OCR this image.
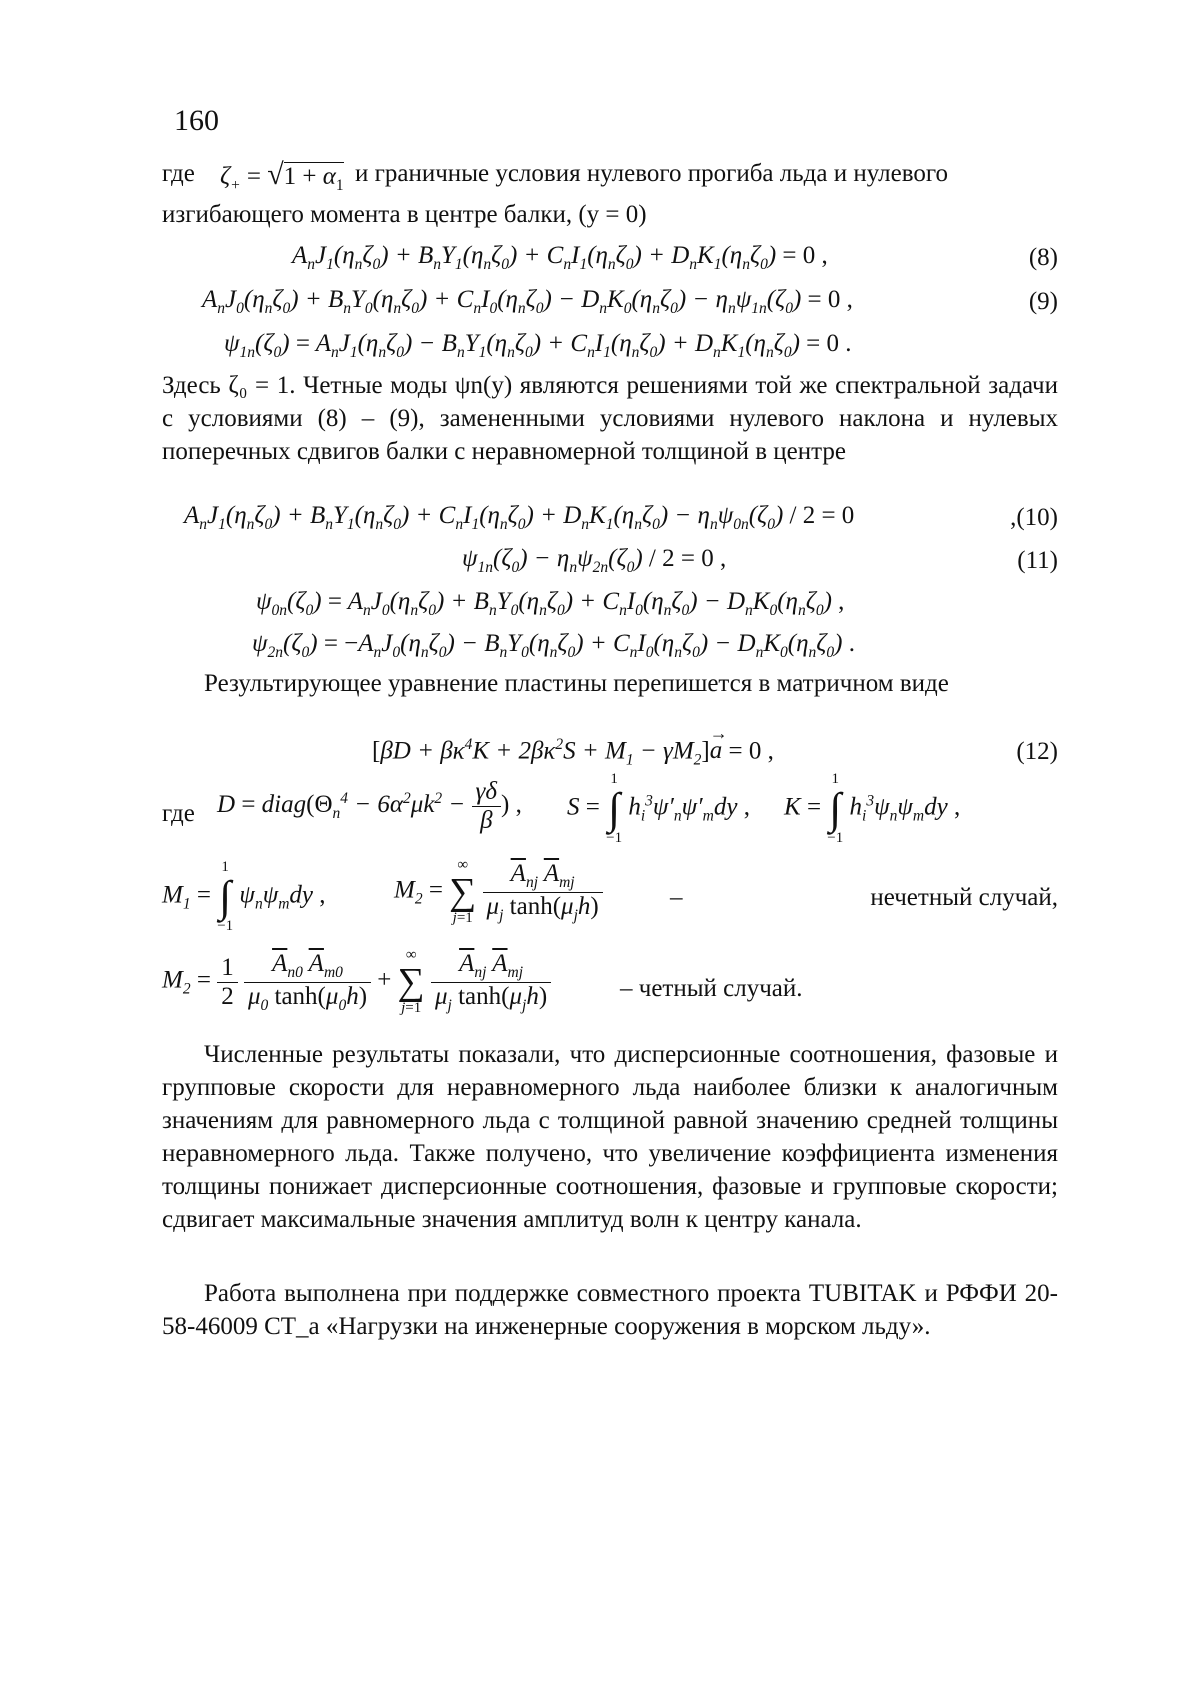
160
где ζ+ = √1 + α1 и граничные условия нулевого прогиба льда и нулевого
изгибающего момента в центре балки, (y = 0)
AnJ1(ηnζ0) + BnY1(ηnζ0) + CnI1(ηnζ0) + DnK1(ηnζ0) = 0 ,	(8)
AnJ0(ηnζ0) + BnY0(ηnζ0) + CnI0(ηnζ0) − DnK0(ηnζ0) − ηnψ1n(ζ0) = 0 ,	(9)
ψ1n(ζ0) = AnJ1(ηnζ0) − BnY1(ηnζ0) + CnI1(ηnζ0) + DnK1(ηnζ0) = 0 .
Здесь ζ₀ = 1. Четные моды ψn(y) являются решениями той же спектральной задачи с условиями (8) – (9), замененными условиями нулевого наклона и нулевых поперечных сдвигов балки с неравномерной толщиной в центре
AnJ1(ηnζ0) + BnY1(ηnζ0) + CnI1(ηnζ0) + DnK1(ηnζ0) − ηnψ0n(ζ0) / 2 = 0	,(10)
ψ1n(ζ0) − ηnψ2n(ζ0) / 2 = 0 ,	(11)
ψ0n(ζ0) = AnJ0(ηnζ0) + BnY0(ηnζ0) + CnI0(ηnζ0) − DnK0(ηnζ0) ,
ψ2n(ζ0) = −AnJ0(ηnζ0) − BnY0(ηnζ0) + CnI0(ηnζ0) − DnK0(ηnζ0) .
Результирующее уравнение пластины перепишется в матричном виде
[βD + βκ4K + 2βκ2S + M1 − γM2]a
→
= 0 ,	(12)
где D = diag(Θn4 − 6α2μk2 − γδ
β
) , S =
1
∫
−1
hi3ψ′nψ′mdy , K =
1
∫
−1
hi3ψnψmdy ,
M1 =
1
∫
−1
ψnψmdy ,	M2 =
∞
∑
j=1

Anj Amj
μj tanh(μjh)	–	нечетный случай,
M2 = 1
2

An0 Am0
μ0 tanh(μ0h)
+
∞
∑
j=1

Anj Amj
μj tanh(μjh)	– четный случай.
Численные результаты показали, что дисперсионные соотношения, фазовые и групповые скорости для неравномерного льда наиболее близки к аналогичным значениям для равномерного льда с толщиной равной значению средней толщины неравномерного льда. Также получено, что увеличение коэффициента изменения толщины понижает дисперсионные соотношения, фазовые и групповые скорости; сдвигает максимальные значения амплитуд волн к центру канала.
Работа выполнена при поддержке совместного проекта TUBITAK и РФФИ 20-58-46009 CT_a «Нагрузки на инженерные сооружения в морском льду».
